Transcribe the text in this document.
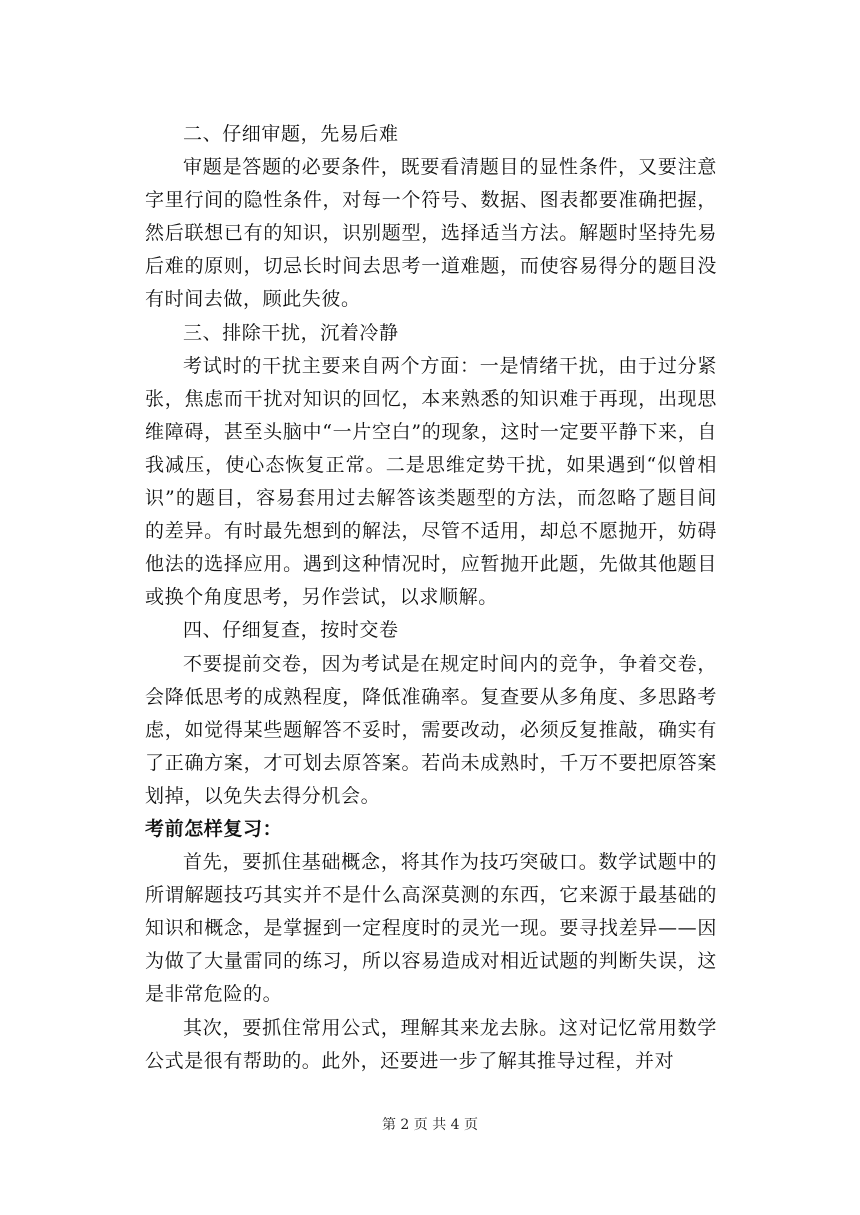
二、仔细审题，先易后难

审题是答题的必要条件，既要看清题目的显性条件，又要注意字里行间的隐性条件，对每一个符号、数据、图表都要准确把握，然后联想已有的知识，识别题型，选择适当方法。解题时坚持先易后难的原则，切忌长时间去思考一道难题，而使容易得分的题目没有时间去做，顾此失彼。

三、排除干扰，沉着冷静

考试时的干扰主要来自两个方面：一是情绪干扰，由于过分紧张，焦虑而干扰对知识的回忆，本来熟悉的知识难于再现，出现思维障碍，甚至头脑中“一片空白”的现象，这时一定要平静下来，自我减压，使心态恢复正常。二是思维定势干扰，如果遇到“似曾相识”的题目，容易套用过去解答该类题型的方法，而忽略了题目间的差异。有时最先想到的解法，尽管不适用，却总不愿抛开，妨碍他法的选择应用。遇到这种情况时，应暂抛开此题，先做其他题目或换个角度思考，另作尝试，以求顺解。

四、仔细复查，按时交卷

不要提前交卷，因为考试是在规定时间内的竞争，争着交卷，会降低思考的成熟程度，降低准确率。复查要从多角度、多思路考虑，如觉得某些题解答不妥时，需要改动，必须反复推敲，确实有了正确方案，才可划去原答案。若尚未成熟时，千万不要把原答案划掉，以免失去得分机会。

考前怎样复习：

首先，要抓住基础概念，将其作为技巧突破口。数学试题中的所谓解题技巧其实并不是什么高深莫测的东西，它来源于最基础的知识和概念，是掌握到一定程度时的灵光一现。要寻找差异——因为做了大量雷同的练习，所以容易造成对相近试题的判断失误，这是非常危险的。

其次，要抓住常用公式，理解其来龙去脉。这对记忆常用数学公式是很有帮助的。此外，还要进一步了解其推导过程，并对

第 2 页 共 4 页
